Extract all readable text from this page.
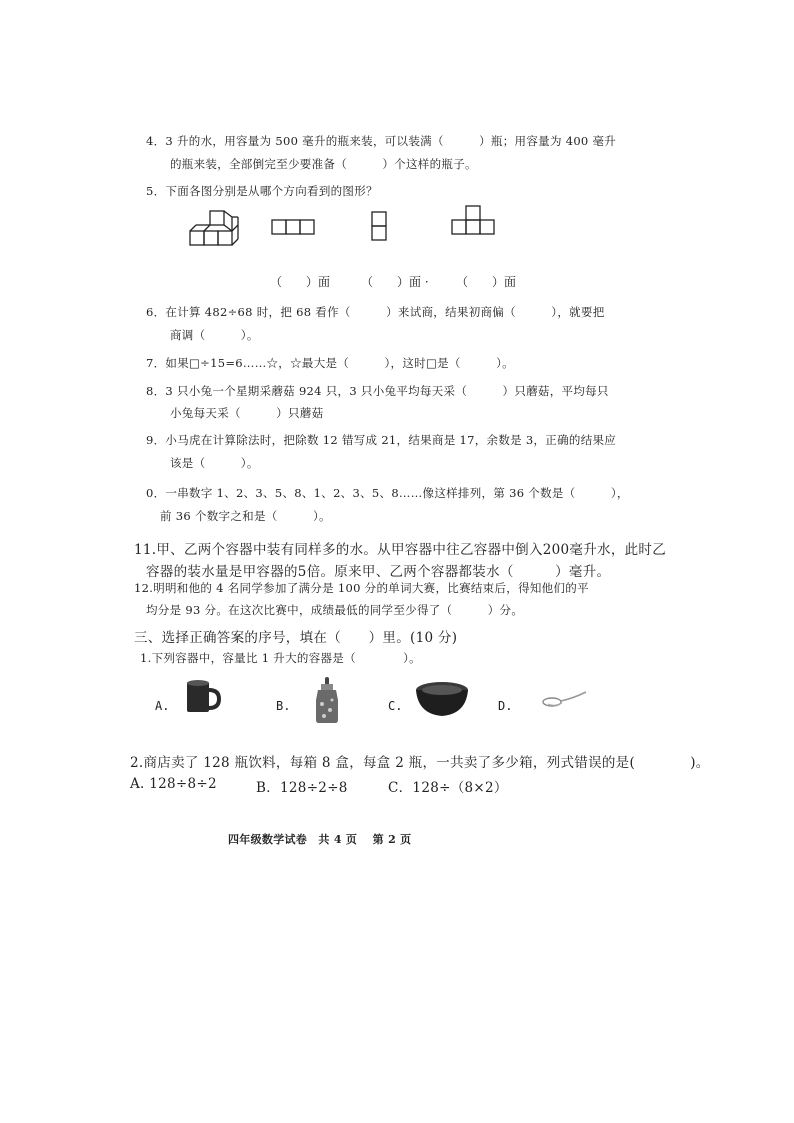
4．3 升的水，用容量为 500 毫升的瓶来装，可以装满（　　　）瓶；用容量为 400 毫升
的瓶来装，全部倒完至少要准备（　　　）个这样的瓶子。
5．下面各图分别是从哪个方向看到的图形？
（　　）面	（　　）面 · （　　）面
6．在计算 482÷68 时，把 68 看作（　　　）来试商，结果初商偏（　　　），就要把
商调（　　　）。
7．如果□÷15=6……☆，☆最大是（　　　），这时□是（　　　）。
8．3 只小兔一个星期采蘑菇 924 只，3 只小兔平均每天采（　　　）只蘑菇，平均每只
小兔每天采（　　　）只蘑菇
9．小马虎在计算除法时，把除数 12 错写成 21，结果商是 17，余数是 3，正确的结果应
该是（　　　）。
0．一串数字 1、2、3、5、8、1、2、3、5、8……像这样排列，第 36 个数是（　　　），
前 36 个数字之和是（　　　）。
11.甲、乙两个容器中装有同样多的水。从甲容器中往乙容器中倒入200毫升水，此时乙
容器的装水量是甲容器的5倍。原来甲、乙两个容器都装水（　　　）毫升。
12.明明和他的 4 名同学参加了满分是 100 分的单词大赛，比赛结束后，得知他们的平
均分是 93 分。在这次比赛中，成绩最低的同学至少得了（　　　）分。
三、选择正确答案的序号，填在（　　）里。(10 分)
1.下列容器中，容量比 1 升大的容器是（　　　　）。
A.	B.	C.	D.
2.商店卖了 128 瓶饮料，每箱 8 盒，每盒 2 瓶，一共卖了多少箱，列式错误的是(　　　　)。
A. 128÷8÷2	B．128÷2÷8	C．128÷（8×2）
四年级数学试卷　共 4 页　 第 2 页
